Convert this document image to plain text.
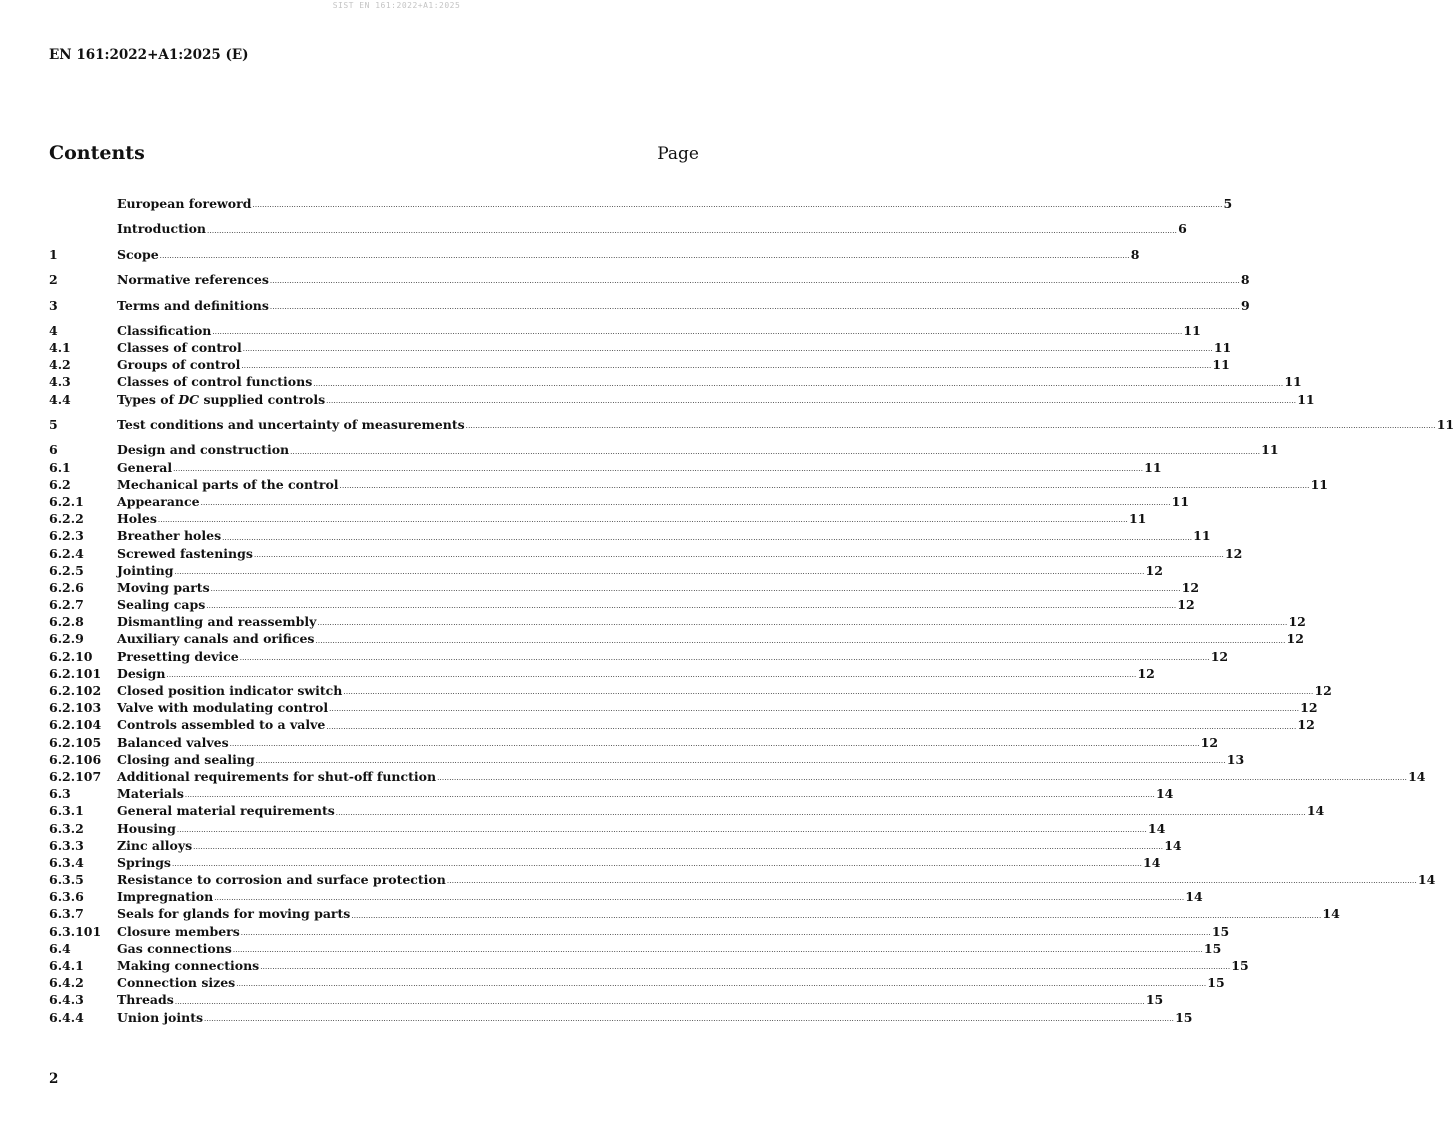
SIST EN 161:2022+A1:2025
EN 161:2022+A1:2025 (E)
Contents	Page
European foreword ................................................................................................................................................................................................................................................................................................................................................................................................................ 5
Introduction ................................................................................................................................................................................................................................................................................................................................................................................................................ 6
1	Scope ................................................................................................................................................................................................................................................................................................................................................................................................................ 8
2	Normative references ................................................................................................................................................................................................................................................................................................................................................................................................................ 8
3	Terms and definitions ................................................................................................................................................................................................................................................................................................................................................................................................................ 9
4	Classification ................................................................................................................................................................................................................................................................................................................................................................................................................ 11
4.1	Classes of control ................................................................................................................................................................................................................................................................................................................................................................................................................ 11
4.2	Groups of control ................................................................................................................................................................................................................................................................................................................................................................................................................ 11
4.3	Classes of control functions ................................................................................................................................................................................................................................................................................................................................................................................................................ 11
4.4	Types of DC supplied controls ................................................................................................................................................................................................................................................................................................................................................................................................................ 11
5	Test conditions and uncertainty of measurements ................................................................................................................................................................................................................................................................................................................................................................................................................ 11
6	Design and construction ................................................................................................................................................................................................................................................................................................................................................................................................................ 11
6.1	General ................................................................................................................................................................................................................................................................................................................................................................................................................ 11
6.2	Mechanical parts of the control ................................................................................................................................................................................................................................................................................................................................................................................................................ 11
6.2.1	Appearance ................................................................................................................................................................................................................................................................................................................................................................................................................ 11
6.2.2	Holes ................................................................................................................................................................................................................................................................................................................................................................................................................ 11
6.2.3	Breather holes ................................................................................................................................................................................................................................................................................................................................................................................................................ 11
6.2.4	Screwed fastenings ................................................................................................................................................................................................................................................................................................................................................................................................................ 12
6.2.5	Jointing ................................................................................................................................................................................................................................................................................................................................................................................................................ 12
6.2.6	Moving parts ................................................................................................................................................................................................................................................................................................................................................................................................................ 12
6.2.7	Sealing caps ................................................................................................................................................................................................................................................................................................................................................................................................................ 12
6.2.8	Dismantling and reassembly ................................................................................................................................................................................................................................................................................................................................................................................................................ 12
6.2.9	Auxiliary canals and orifices ................................................................................................................................................................................................................................................................................................................................................................................................................ 12
6.2.10	Presetting device ................................................................................................................................................................................................................................................................................................................................................................................................................ 12
6.2.101	Design ................................................................................................................................................................................................................................................................................................................................................................................................................ 12
6.2.102	Closed position indicator switch ................................................................................................................................................................................................................................................................................................................................................................................................................ 12
6.2.103	Valve with modulating control ................................................................................................................................................................................................................................................................................................................................................................................................................ 12
6.2.104	Controls assembled to a valve ................................................................................................................................................................................................................................................................................................................................................................................................................ 12
6.2.105	Balanced valves ................................................................................................................................................................................................................................................................................................................................................................................................................ 12
6.2.106	Closing and sealing ................................................................................................................................................................................................................................................................................................................................................................................................................ 13
6.2.107	Additional requirements for shut-off function ................................................................................................................................................................................................................................................................................................................................................................................................................ 14
6.3	Materials ................................................................................................................................................................................................................................................................................................................................................................................................................ 14
6.3.1	General material requirements ................................................................................................................................................................................................................................................................................................................................................................................................................ 14
6.3.2	Housing ................................................................................................................................................................................................................................................................................................................................................................................................................ 14
6.3.3	Zinc alloys ................................................................................................................................................................................................................................................................................................................................................................................................................ 14
6.3.4	Springs ................................................................................................................................................................................................................................................................................................................................................................................................................ 14
6.3.5	Resistance to corrosion and surface protection ................................................................................................................................................................................................................................................................................................................................................................................................................ 14
6.3.6	Impregnation ................................................................................................................................................................................................................................................................................................................................................................................................................ 14
6.3.7	Seals for glands for moving parts ................................................................................................................................................................................................................................................................................................................................................................................................................ 14
6.3.101	Closure members ................................................................................................................................................................................................................................................................................................................................................................................................................ 15
6.4	Gas connections ................................................................................................................................................................................................................................................................................................................................................................................................................ 15
6.4.1	Making connections ................................................................................................................................................................................................................................................................................................................................................................................................................ 15
6.4.2	Connection sizes ................................................................................................................................................................................................................................................................................................................................................................................................................ 15
6.4.3	Threads ................................................................................................................................................................................................................................................................................................................................................................................................................ 15
6.4.4	Union joints ................................................................................................................................................................................................................................................................................................................................................................................................................ 15
2
